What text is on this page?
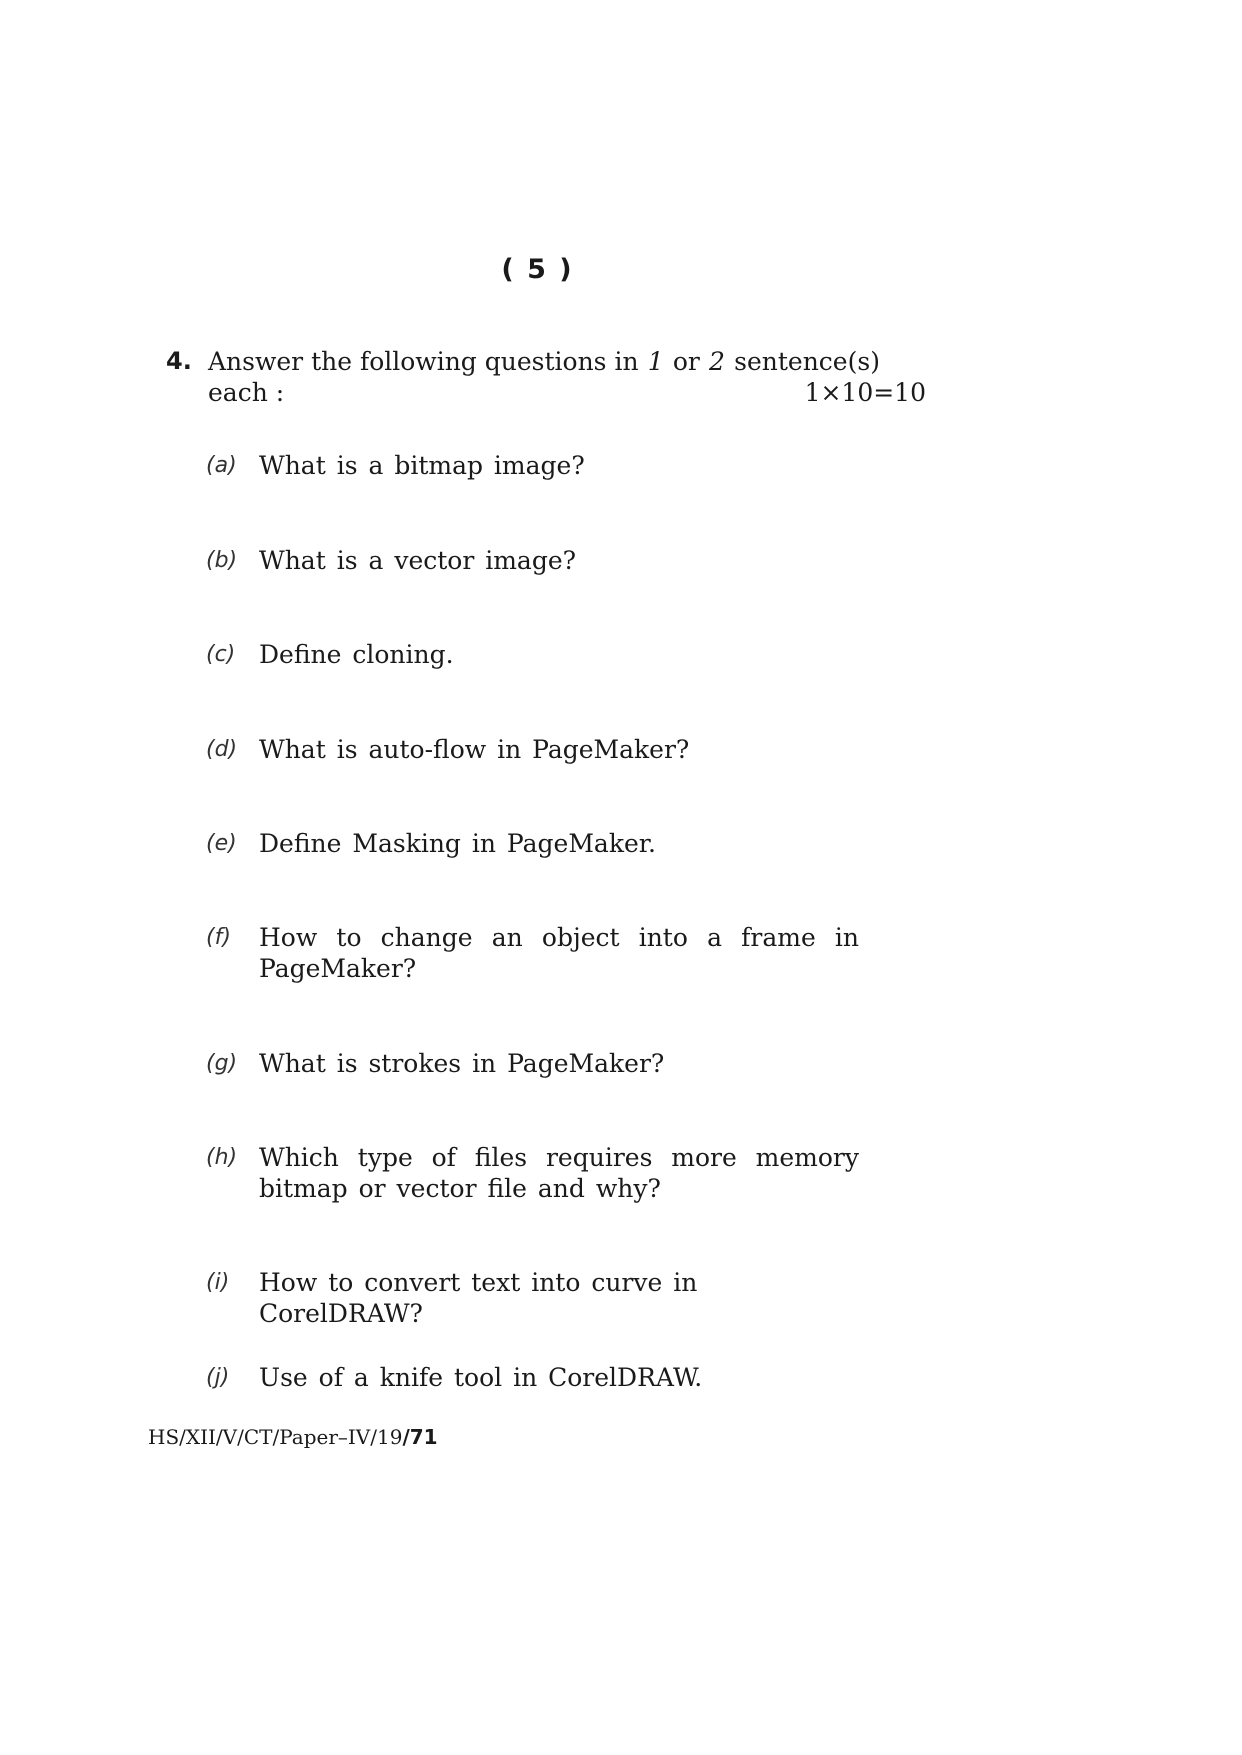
( 5 )
4. Answer the following questions in 1 or 2 sentence(s)
each :	1×10=10
(a) What is a bitmap image?
(b) What is a vector image?
(c) Define cloning.
(d) What is auto-flow in PageMaker?
(e) Define Masking in PageMaker.
(f) How to change an object into a frame in PageMaker?
(g) What is strokes in PageMaker?
(h) Which type of files requires more memory bitmap or vector file and why?
(i) How to convert text into curve in CorelDRAW?
(j) Use of a knife tool in CorelDRAW.
HS/XII/V/CT/Paper–IV/19/71
